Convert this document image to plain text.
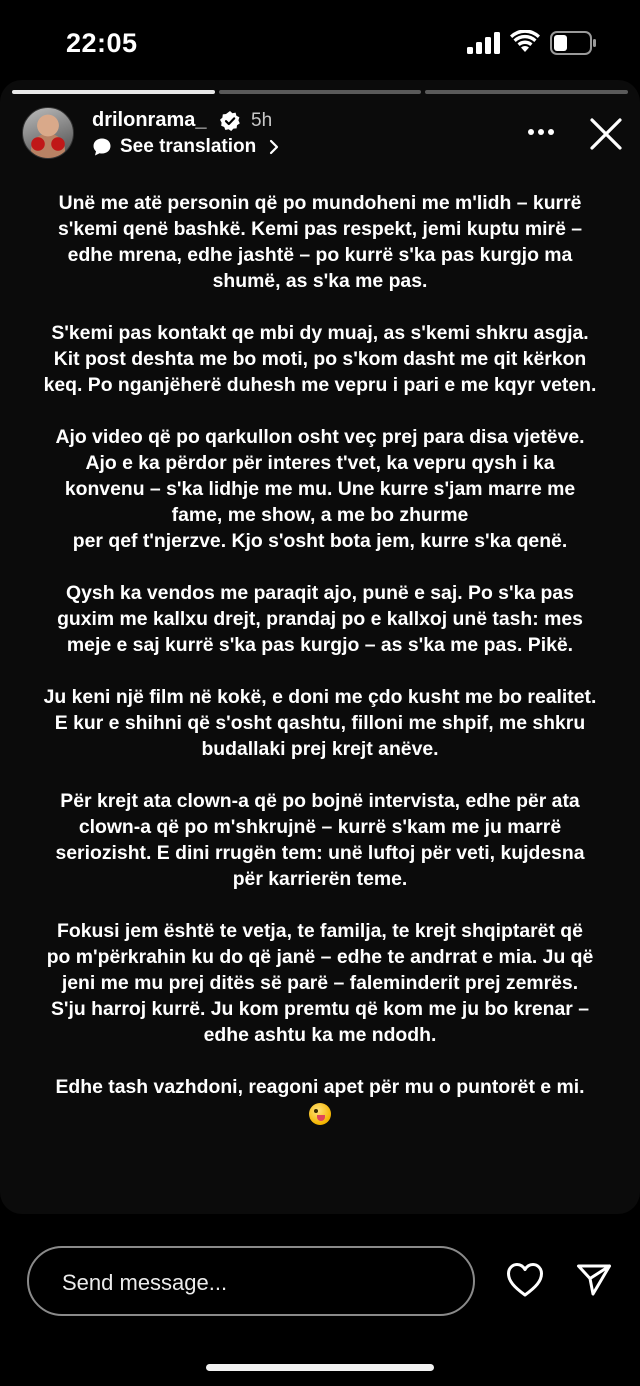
22:05
drilonrama_ 5h
See translation

Unë me atë personin që po mundoheni me m'lidh – kurrë
s'kemi qenë bashkë. Kemi pas respekt, jemi kuptu mirë –
edhe mrena, edhe jashtë – po kurrë s'ka pas kurgjo ma
shumë, as s'ka me pas.

S'kemi pas kontakt qe mbi dy muaj, as s'kemi shkru asgja.
Kit post deshta me bo moti, po s'kom dasht me qit kërkon
keq. Po nganjëherë duhesh me vepru i pari e me kqyr veten.

Ajo video që po qarkullon osht veç prej para disa vjetëve.
Ajo e ka përdor për interes t'vet, ka vepru qysh i ka
konvenu – s'ka lidhje me mu. Une kurre s'jam marre me
fame, me show, a me bo zhurme
per qef t'njerzve. Kjo s'osht bota jem, kurre s'ka qenë.

Qysh ka vendos me paraqit ajo, punë e saj. Po s'ka pas
guxim me kallxu drejt, prandaj po e kallxoj unë tash: mes
meje e saj kurrë s'ka pas kurgjo – as s'ka me pas. Pikë.

Ju keni një film në kokë, e doni me çdo kusht me bo realitet.
E kur e shihni që s'osht qashtu, filloni me shpif, me shkru
budallaki prej krejt anëve.

Për krejt ata clown-a që po bojnë intervista, edhe për ata
clown-a që po m'shkrujnë – kurrë s'kam me ju marrë
seriozisht. E dini rrugën tem: unë luftoj për veti, kujdesna
për karrierën teme.

Fokusi jem është te vetja, te familja, te krejt shqiptarët që
po m'përkrahin ku do që janë – edhe te andrrat e mia. Ju që
jeni me mu prej ditës së parë – faleminderit prej zemrës.
S'ju harroj kurrë. Ju kom premtu që kom me ju bo krenar –
edhe ashtu ka me ndodh.

Edhe tash vazhdoni, reagoni apet për mu o puntorët e mi.

Send message...
